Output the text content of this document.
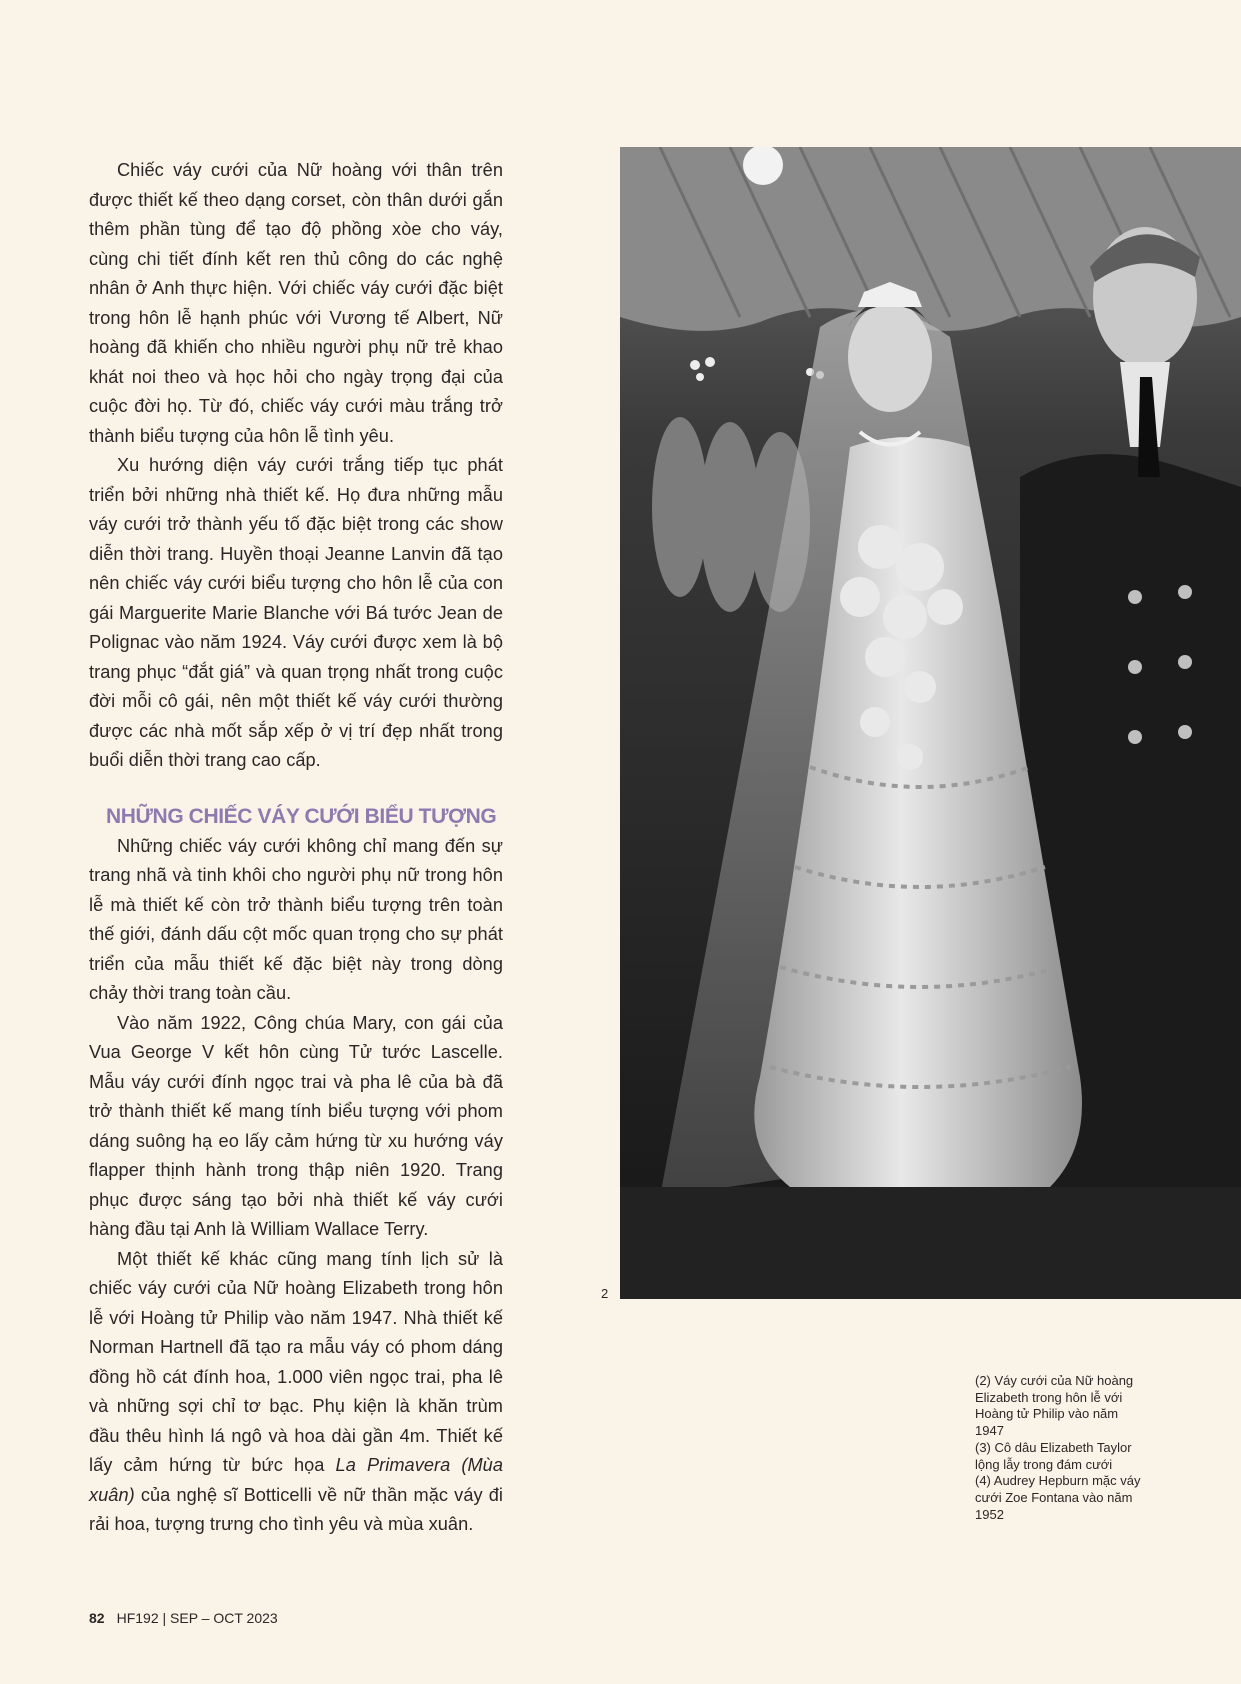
Chiếc váy cưới của Nữ hoàng với thân trên được thiết kế theo dạng corset, còn thân dưới gắn thêm phần tùng để tạo độ phồng xòe cho váy, cùng chi tiết đính kết ren thủ công do các nghệ nhân ở Anh thực hiện. Với chiếc váy cưới đặc biệt trong hôn lễ hạnh phúc với Vương tế Albert, Nữ hoàng đã khiến cho nhiều người phụ nữ trẻ khao khát noi theo và học hỏi cho ngày trọng đại của cuộc đời họ. Từ đó, chiếc váy cưới màu trắng trở thành biểu tượng của hôn lễ tình yêu.

Xu hướng diện váy cưới trắng tiếp tục phát triển bởi những nhà thiết kế. Họ đưa những mẫu váy cưới trở thành yếu tố đặc biệt trong các show diễn thời trang. Huyền thoại Jeanne Lanvin đã tạo nên chiếc váy cưới biểu tượng cho hôn lễ của con gái Marguerite Marie Blanche với Bá tước Jean de Polignac vào năm 1924. Váy cưới được xem là bộ trang phục “đắt giá” và quan trọng nhất trong cuộc đời mỗi cô gái, nên một thiết kế váy cưới thường được các nhà mốt sắp xếp ở vị trí đẹp nhất trong buổi diễn thời trang cao cấp.

NHỮNG CHIẾC VÁY CƯỚI BIỂU TƯỢNG

Những chiếc váy cưới không chỉ mang đến sự trang nhã và tinh khôi cho người phụ nữ trong hôn lễ mà thiết kế còn trở thành biểu tượng trên toàn thế giới, đánh dấu cột mốc quan trọng cho sự phát triển của mẫu thiết kế đặc biệt này trong dòng chảy thời trang toàn cầu.

Vào năm 1922, Công chúa Mary, con gái của Vua George V kết hôn cùng Tử tước Lascelle. Mẫu váy cưới đính ngọc trai và pha lê của bà đã trở thành thiết kế mang tính biểu tượng với phom dáng suông hạ eo lấy cảm hứng từ xu hướng váy flapper thịnh hành trong thập niên 1920. Trang phục được sáng tạo bởi nhà thiết kế váy cưới hàng đầu tại Anh là William Wallace Terry.

Một thiết kế khác cũng mang tính lịch sử là chiếc váy cưới của Nữ hoàng Elizabeth trong hôn lễ với Hoàng tử Philip vào năm 1947. Nhà thiết kế Norman Hartnell đã tạo ra mẫu váy có phom dáng đồng hồ cát đính hoa, 1.000 viên ngọc trai, pha lê và những sợi chỉ tơ bạc. Phụ kiện là khăn trùm đầu thêu hình lá ngô và hoa dài gần 4m. Thiết kế lấy cảm hứng từ bức họa La Primavera (Mùa xuân) của nghệ sĩ Botticelli về nữ thần mặc váy đi rải hoa, tượng trưng cho tình yêu và mùa xuân.

2
(2) Váy cưới của Nữ hoàng Elizabeth trong hôn lễ với Hoàng tử Philip vào năm 1947
(3) Cô dâu Elizabeth Taylor lộng lẫy trong đám cưới
(4) Audrey Hepburn mặc váy cưới Zoe Fontana vào năm 1952
82 HF192 | SEP – OCT 2023
